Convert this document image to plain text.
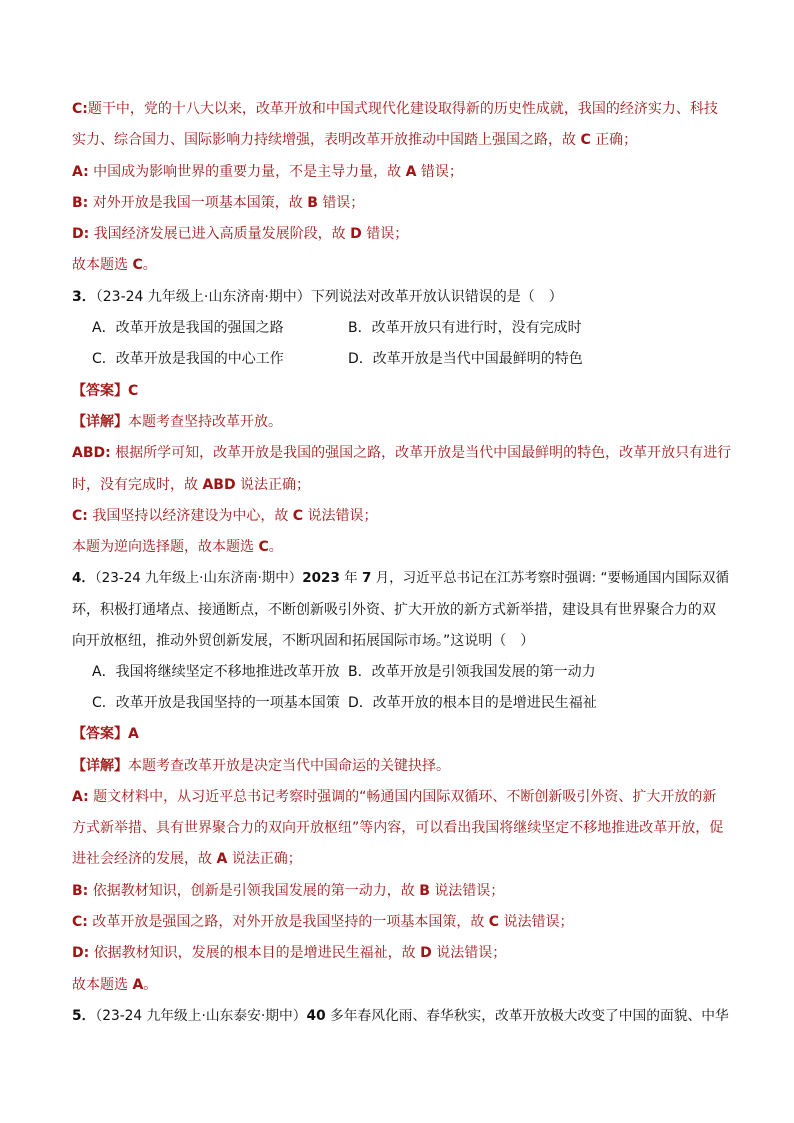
C:题干中，党的十八大以来，改革开放和中国式现代化建设取得新的历史性成就，我国的经济实力、科技
实力、综合国力、国际影响力持续增强，表明改革开放推动中国踏上强国之路，故 C 正确；
A: 中国成为影响世界的重要力量，不是主导力量，故 A 错误；
B: 对外开放是我国一项基本国策，故 B 错误；
D: 我国经济发展已进入高质量发展阶段，故 D 错误；
故本题选 C。
3．（23-24 九年级上·山东济南·期中）下列说法对改革开放认识错误的是（　）
A．改革开放是我国的强国之路	B．改革开放只有进行时，没有完成时
C．改革开放是我国的中心工作	D．改革开放是当代中国最鲜明的特色
【答案】C
【详解】本题考查坚持改革开放。
ABD: 根据所学可知，改革开放是我国的强国之路，改革开放是当代中国最鲜明的特色，改革开放只有进行
时，没有完成时，故 ABD 说法正确；
C: 我国坚持以经济建设为中心，故 C 说法错误；
本题为逆向选择题，故本题选 C。
4．（23-24 九年级上·山东济南·期中）2023 年 7 月，习近平总书记在江苏考察时强调: “要畅通国内国际双循
环，积极打通堵点、接通断点，不断创新吸引外资、扩大开放的新方式新举措，建设具有世界聚合力的双
向开放枢纽，推动外贸创新发展，不断巩固和拓展国际市场。”这说明（　）
A．我国将继续坚定不移地推进改革开放 B．改革开放是引领我国发展的第一动力
C．改革开放是我国坚持的一项基本国策 D．改革开放的根本目的是增进民生福祉
【答案】A
【详解】本题考查改革开放是决定当代中国命运的关键抉择。
A: 题文材料中，从习近平总书记考察时强调的“畅通国内国际双循环、不断创新吸引外资、扩大开放的新
方式新举措、具有世界聚合力的双向开放枢纽”等内容，可以看出我国将继续坚定不移地推进改革开放，促
进社会经济的发展，故 A 说法正确；
B: 依据教材知识，创新是引领我国发展的第一动力，故 B 说法错误；
C: 改革开放是强国之路，对外开放是我国坚持的一项基本国策，故 C 说法错误；
D: 依据教材知识，发展的根本目的是增进民生福祉，故 D 说法错误；
故本题选 A。
5．（23-24 九年级上·山东泰安·期中）40 多年春风化雨、春华秋实，改革开放极大改变了中国的面貌、中华
